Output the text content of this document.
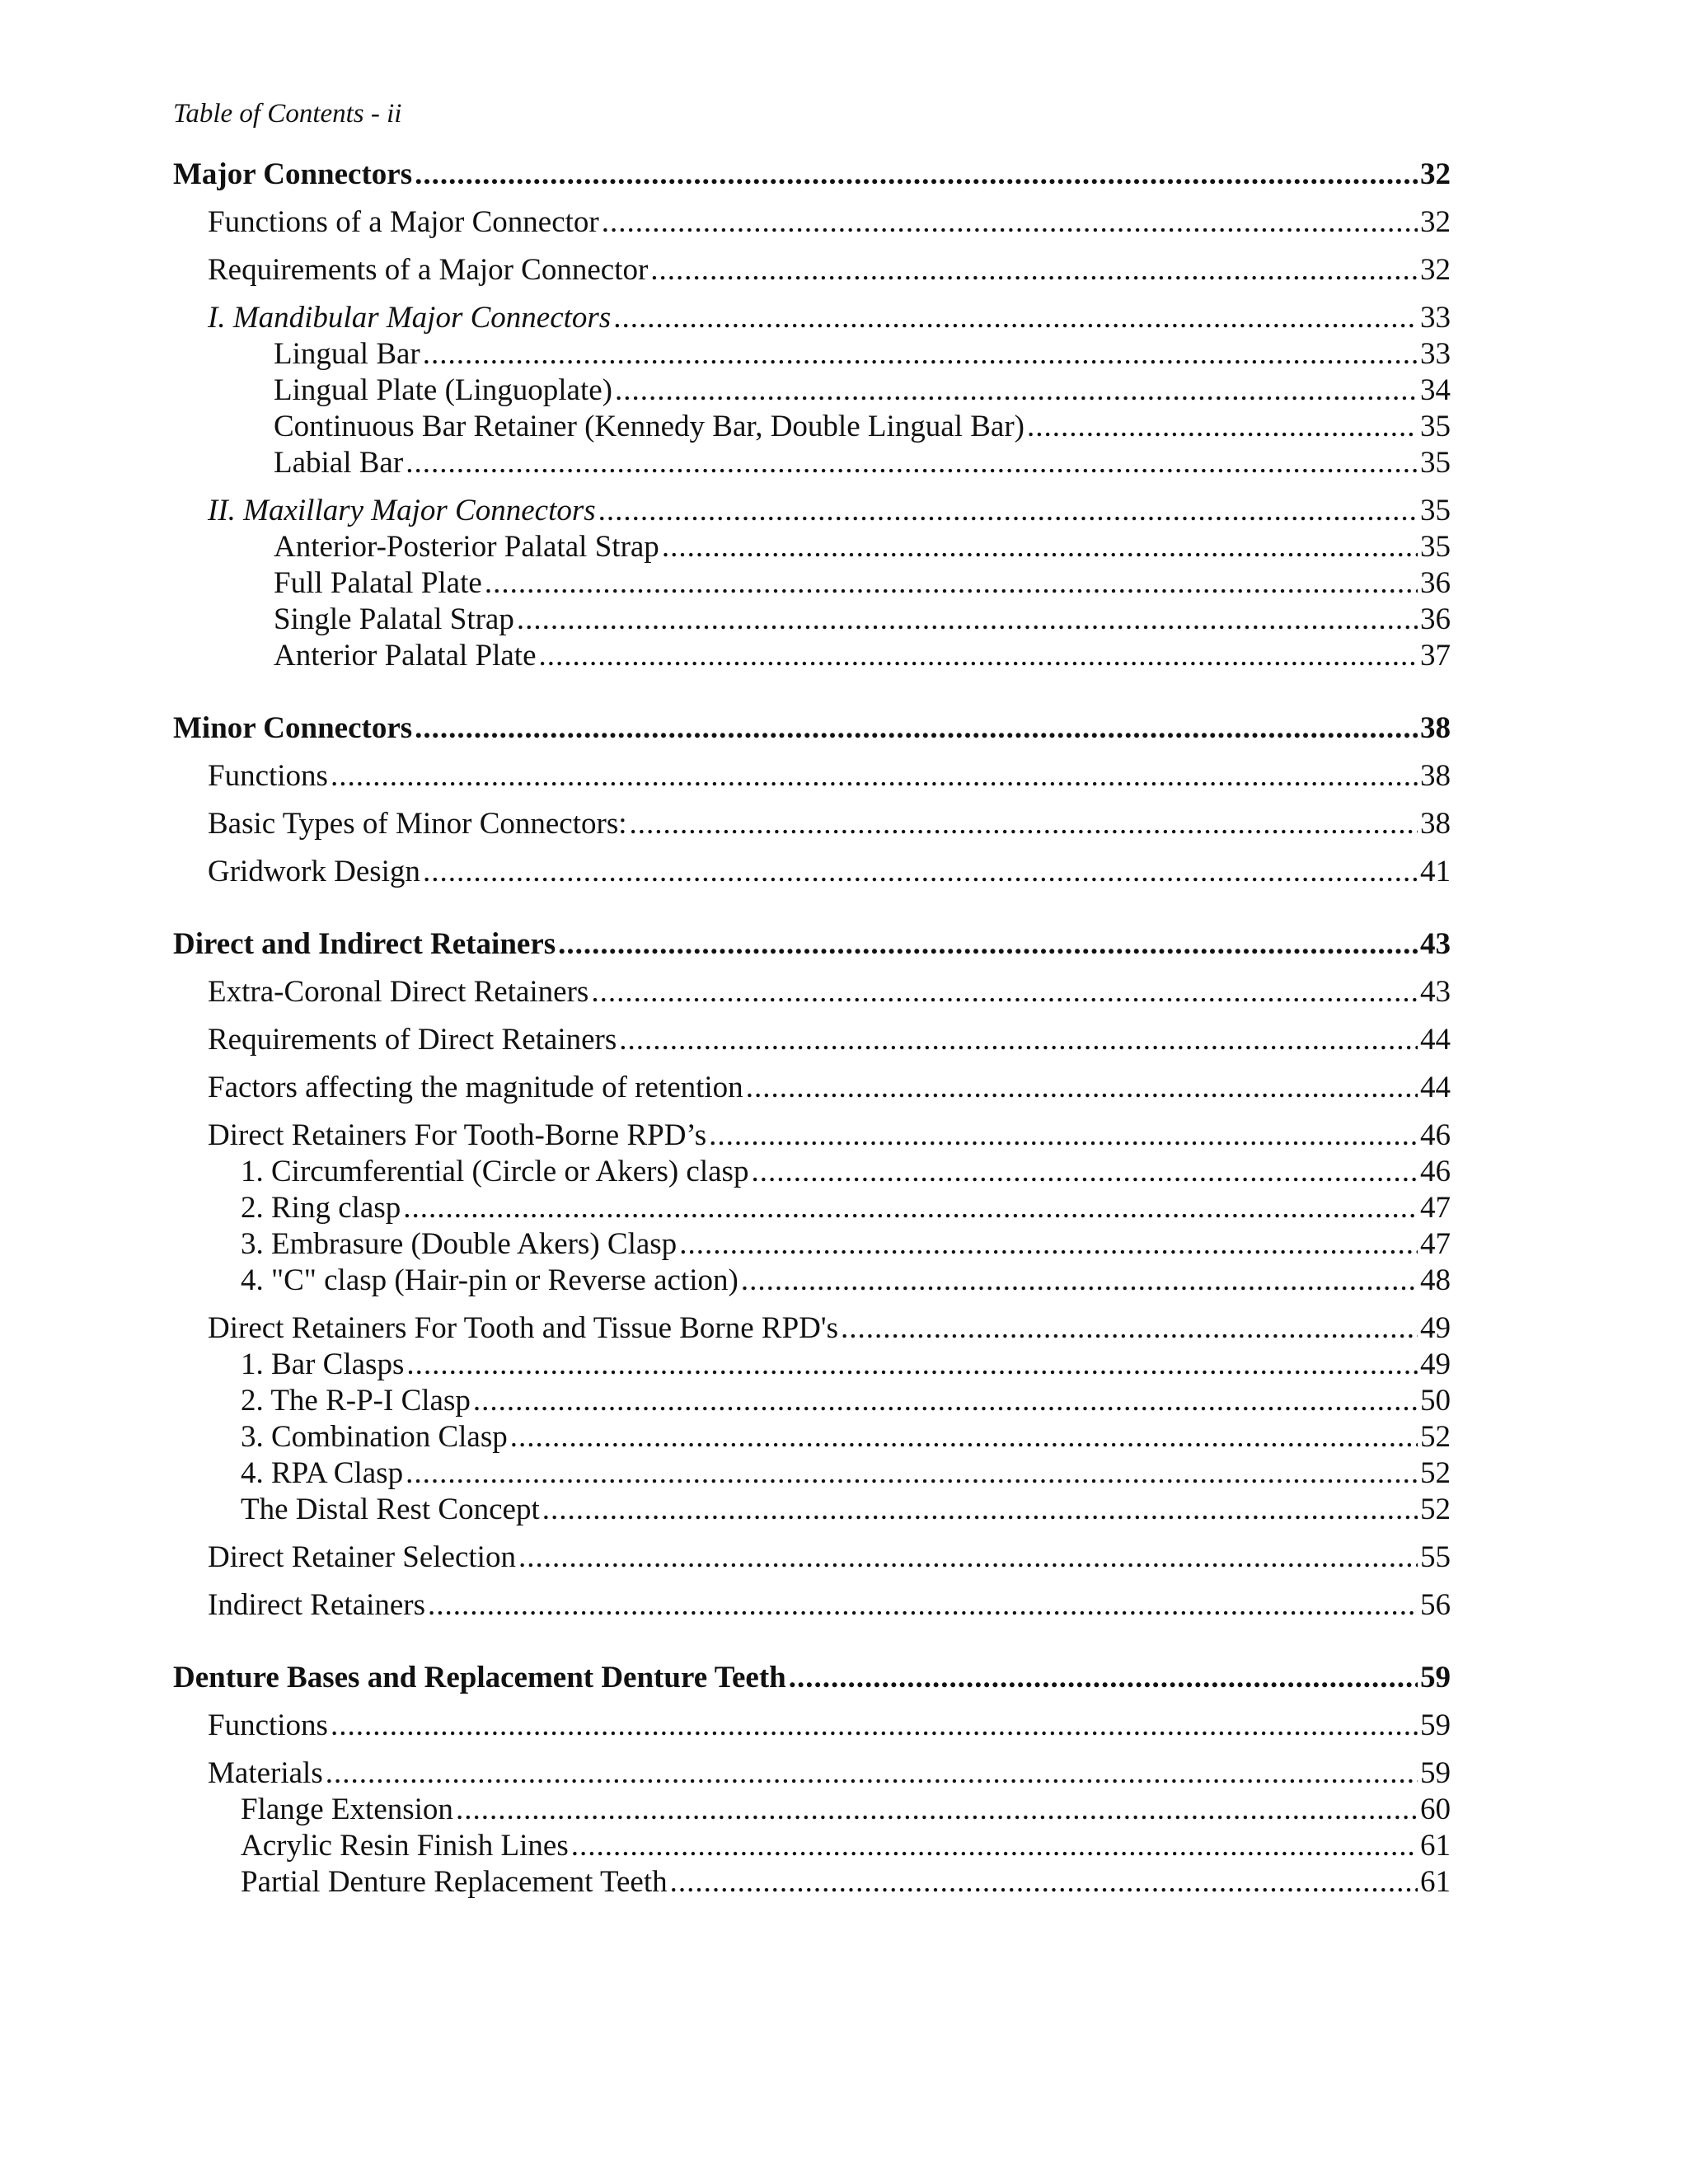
Table of Contents - ii
Major Connectors .....	32
Functions of a Major Connector .....	32
Requirements of a Major Connector .....	32
I. Mandibular Major Connectors .....	33
Lingual Bar .....	33
Lingual Plate (Linguoplate) .....	34
Continuous Bar Retainer (Kennedy Bar, Double Lingual Bar) .....	35
Labial Bar .....	35
II. Maxillary Major Connectors .....	35
Anterior-Posterior Palatal Strap .....	35
Full Palatal Plate .....	36
Single Palatal Strap .....	36
Anterior Palatal Plate .....	37
Minor Connectors .....	38
Functions .....	38
Basic Types of Minor Connectors: .....	38
Gridwork Design .....	41
Direct and Indirect Retainers .....	43
Extra-Coronal Direct Retainers .....	43
Requirements of Direct Retainers .....	44
Factors affecting the magnitude of retention .....	44
Direct Retainers For Tooth-Borne RPD’s .....	46
1. Circumferential (Circle or Akers) clasp .....	46
2. Ring clasp .....	47
3. Embrasure (Double Akers) Clasp .....	47
4. "C" clasp (Hair-pin or Reverse action) .....	48
Direct Retainers For Tooth and Tissue Borne RPD's .....	49
1. Bar Clasps .....	49
2. The R-P-I Clasp .....	50
3. Combination Clasp .....	52
4. RPA Clasp .....	52
The Distal Rest Concept .....	52
Direct Retainer Selection .....	55
Indirect Retainers .....	56
Denture Bases and Replacement Denture Teeth .....	59
Functions .....	59
Materials .....	59
Flange Extension .....	60
Acrylic Resin Finish Lines .....	61
Partial Denture Replacement Teeth .....	61
